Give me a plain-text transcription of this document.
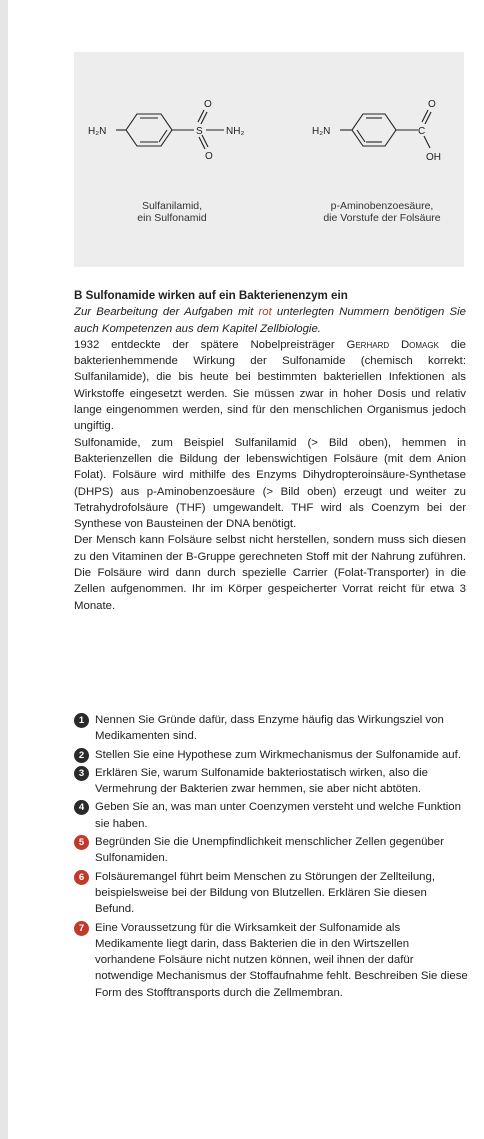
H₂N	S NH₂
O
O
H₂N	C
O
OH
Sulfanilamid,
ein Sulfonamid
p-Aminobenzoesäure,
die Vorstufe der Folsäure
B Sulfonamide wirken auf ein Bakterienenzym ein
Zur Bearbeitung der Aufgaben mit rot unterlegten Nummern benötigen Sie auch Kompetenzen aus dem Kapitel Zellbiologie.
1932 entdeckte der spätere Nobelpreisträger Gerhard Domagk die bakterienhemmende Wirkung der Sulfonamide (chemisch korrekt: Sulfanilamide), die bis heute bei bestimmten bakteriellen Infektionen als Wirkstoffe eingesetzt werden. Sie müssen zwar in hoher Dosis und relativ lange eingenommen werden, sind für den menschlichen Organismus jedoch ungiftig.
Sulfonamide, zum Beispiel Sulfanilamid (> Bild oben), hemmen in Bakterienzellen die Bildung der lebenswichtigen Folsäure (mit dem Anion Folat). Folsäure wird mithilfe des Enzyms Dihydropteroinsäure-Synthetase (DHPS) aus p-Aminobenzoesäure (> Bild oben) erzeugt und weiter zu Tetrahydrofolsäure (THF) umgewandelt. THF wird als Coenzym bei der Synthese von Bausteinen der DNA benötigt.
Der Mensch kann Folsäure selbst nicht herstellen, sondern muss sich diesen zu den Vitaminen der B-Gruppe gerechneten Stoff mit der Nahrung zuführen. Die Folsäure wird dann durch spezielle Carrier (Folat-Transporter) in die Zellen aufgenommen. Ihr im Körper gespeicherter Vorrat reicht für etwa 3 Monate.
1 Nennen Sie Gründe dafür, dass Enzyme häufig das Wirkungsziel von Medikamenten sind.
2 Stellen Sie eine Hypothese zum Wirkmechanismus der Sulfonamide auf.
3 Erklären Sie, warum Sulfonamide bakteriostatisch wirken, also die Vermehrung der Bakterien zwar hemmen, sie aber nicht abtöten.
4 Geben Sie an, was man unter Coenzymen versteht und welche Funktion sie haben.
5 Begründen Sie die Unempfindlichkeit menschlicher Zellen gegenüber Sulfonamiden.
6 Folsäuremangel führt beim Menschen zu Störungen der Zellteilung, beispielsweise bei der Bildung von Blutzellen. Erklären Sie diesen Befund.
7 Eine Voraussetzung für die Wirksamkeit der Sulfonamide als Medikamente liegt darin, dass Bakterien die in den Wirtszellen vorhandene Folsäure nicht nutzen können, weil ihnen der dafür notwendige Mechanismus der Stoffaufnahme fehlt. Beschreiben Sie diese Form des Stofftransports durch die Zellmembran.
